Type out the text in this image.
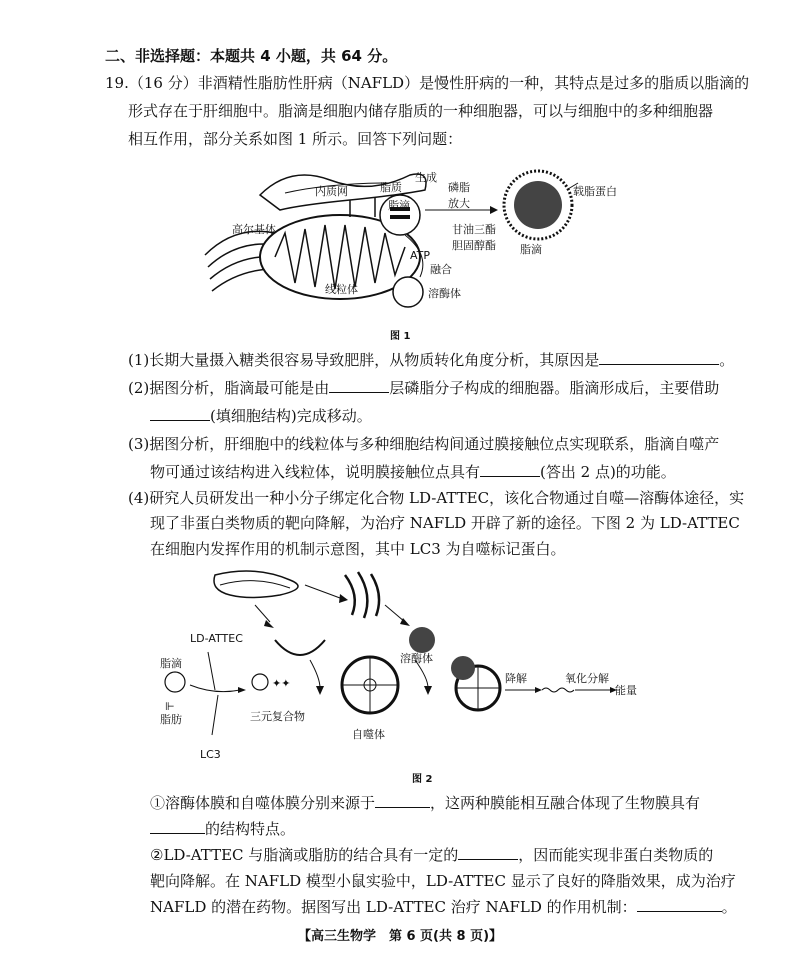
二、非选择题：本题共 4 小题，共 64 分。
19.（16 分）非酒精性脂肪性肝病（NAFLD）是慢性肝病的一种，其特点是过多的脂质以脂滴的
形式存在于肝细胞中。脂滴是细胞内储存脂质的一种细胞器，可以与细胞中的多种细胞器
相互作用，部分关系如图 1 所示。回答下列问题：
内质网	脂质
生成
脂滴
磷脂
放大
载脂蛋白
高尔基体
ATP
甘油三酯
胆固醇酯 脂滴
融合
线粒体	溶酶体
图 1
(1)长期大量摄入糖类很容易导致肥胖，从物质转化角度分析，其原因是	。
(2)据图分析，脂滴最可能是由	层磷脂分子构成的细胞器。脂滴形成后，主要借助
(填细胞结构)完成移动。
(3)据图分析，肝细胞中的线粒体与多种细胞结构间通过膜接触位点实现联系，脂滴自噬产
物可通过该结构进入线粒体，说明膜接触位点具有	(答出 2 点)的功能。
(4)研究人员研发出一种小分子绑定化合物 LD-ATTEC，该化合物通过自噬—溶酶体途径，实
现了非蛋白类物质的靶向降解，为治疗 NAFLD 开辟了新的途径。下图 2 为 LD-ATTEC
在细胞内发挥作用的机制示意图，其中 LC3 为自噬标记蛋白。
⊩
✦✦
LD-ATTEC
脂滴
脂肪
LC3
三元复合物
自噬体
溶酶体
降解	氧化分解
能量
图 2
①溶酶体膜和自噬体膜分别来源于	，这两种膜能相互融合体现了生物膜具有
的结构特点。
②LD-ATTEC 与脂滴或脂肪的结合具有一定的	，因而能实现非蛋白类物质的
靶向降解。在 NAFLD 模型小鼠实验中，LD-ATTEC 显示了良好的降脂效果，成为治疗
NAFLD 的潜在药物。据图写出 LD-ATTEC 治疗 NAFLD 的作用机制：	。
【高三生物学　第 6 页(共 8 页)】
